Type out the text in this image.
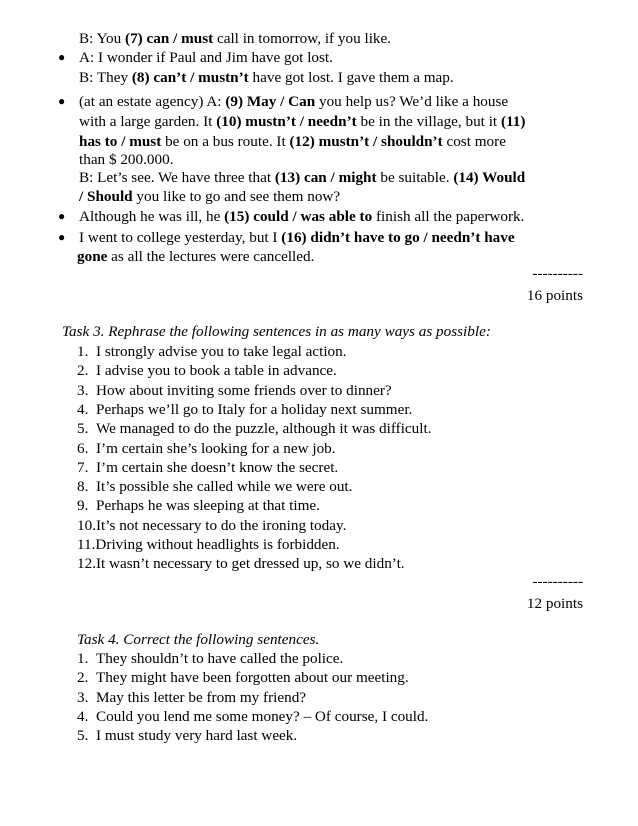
B: You (7) can / must call in tomorrow, if you like.
● A: I wonder if Paul and Jim have got lost.
B: They (8) can’t / mustn’t have got lost. I gave them a map.
● (at an estate agency) A: (9) May / Can you help us? We’d like a house
with a large garden. It (10) mustn’t / needn’t be in the village, but it (11)
has to / must be on a bus route. It (12) mustn’t / shouldn’t cost more
than $ 200.000.
B: Let’s see. We have three that (13) can / might be suitable. (14) Would
/ Should you like to go and see them now?
● Although he was ill, he (15) could / was able to finish all the paperwork.
● I went to college yesterday, but I (16) didn’t have to go / needn’t have
gone as all the lectures were cancelled.
----------
16 points
Task 3. Rephrase the following sentences in as many ways as possible:
1. I strongly advise you to take legal action.
2. I advise you to book a table in advance.
3. How about inviting some friends over to dinner?
4. Perhaps we’ll go to Italy for a holiday next summer.
5. We managed to do the puzzle, although it was difficult.
6. I’m certain she’s looking for a new job.
7. I’m certain she doesn’t know the secret.
8. It’s possible she called while we were out.
9. Perhaps he was sleeping at that time.
10.It’s not necessary to do the ironing today.
11.Driving without headlights is forbidden.
12.It wasn’t necessary to get dressed up, so we didn’t.
----------
12 points
Task 4. Correct the following sentences.
1. They shouldn’t to have called the police.
2. They might have been forgotten about our meeting.
3. May this letter be from my friend?
4. Could you lend me some money? – Of course, I could.
5. I must study very hard last week.
